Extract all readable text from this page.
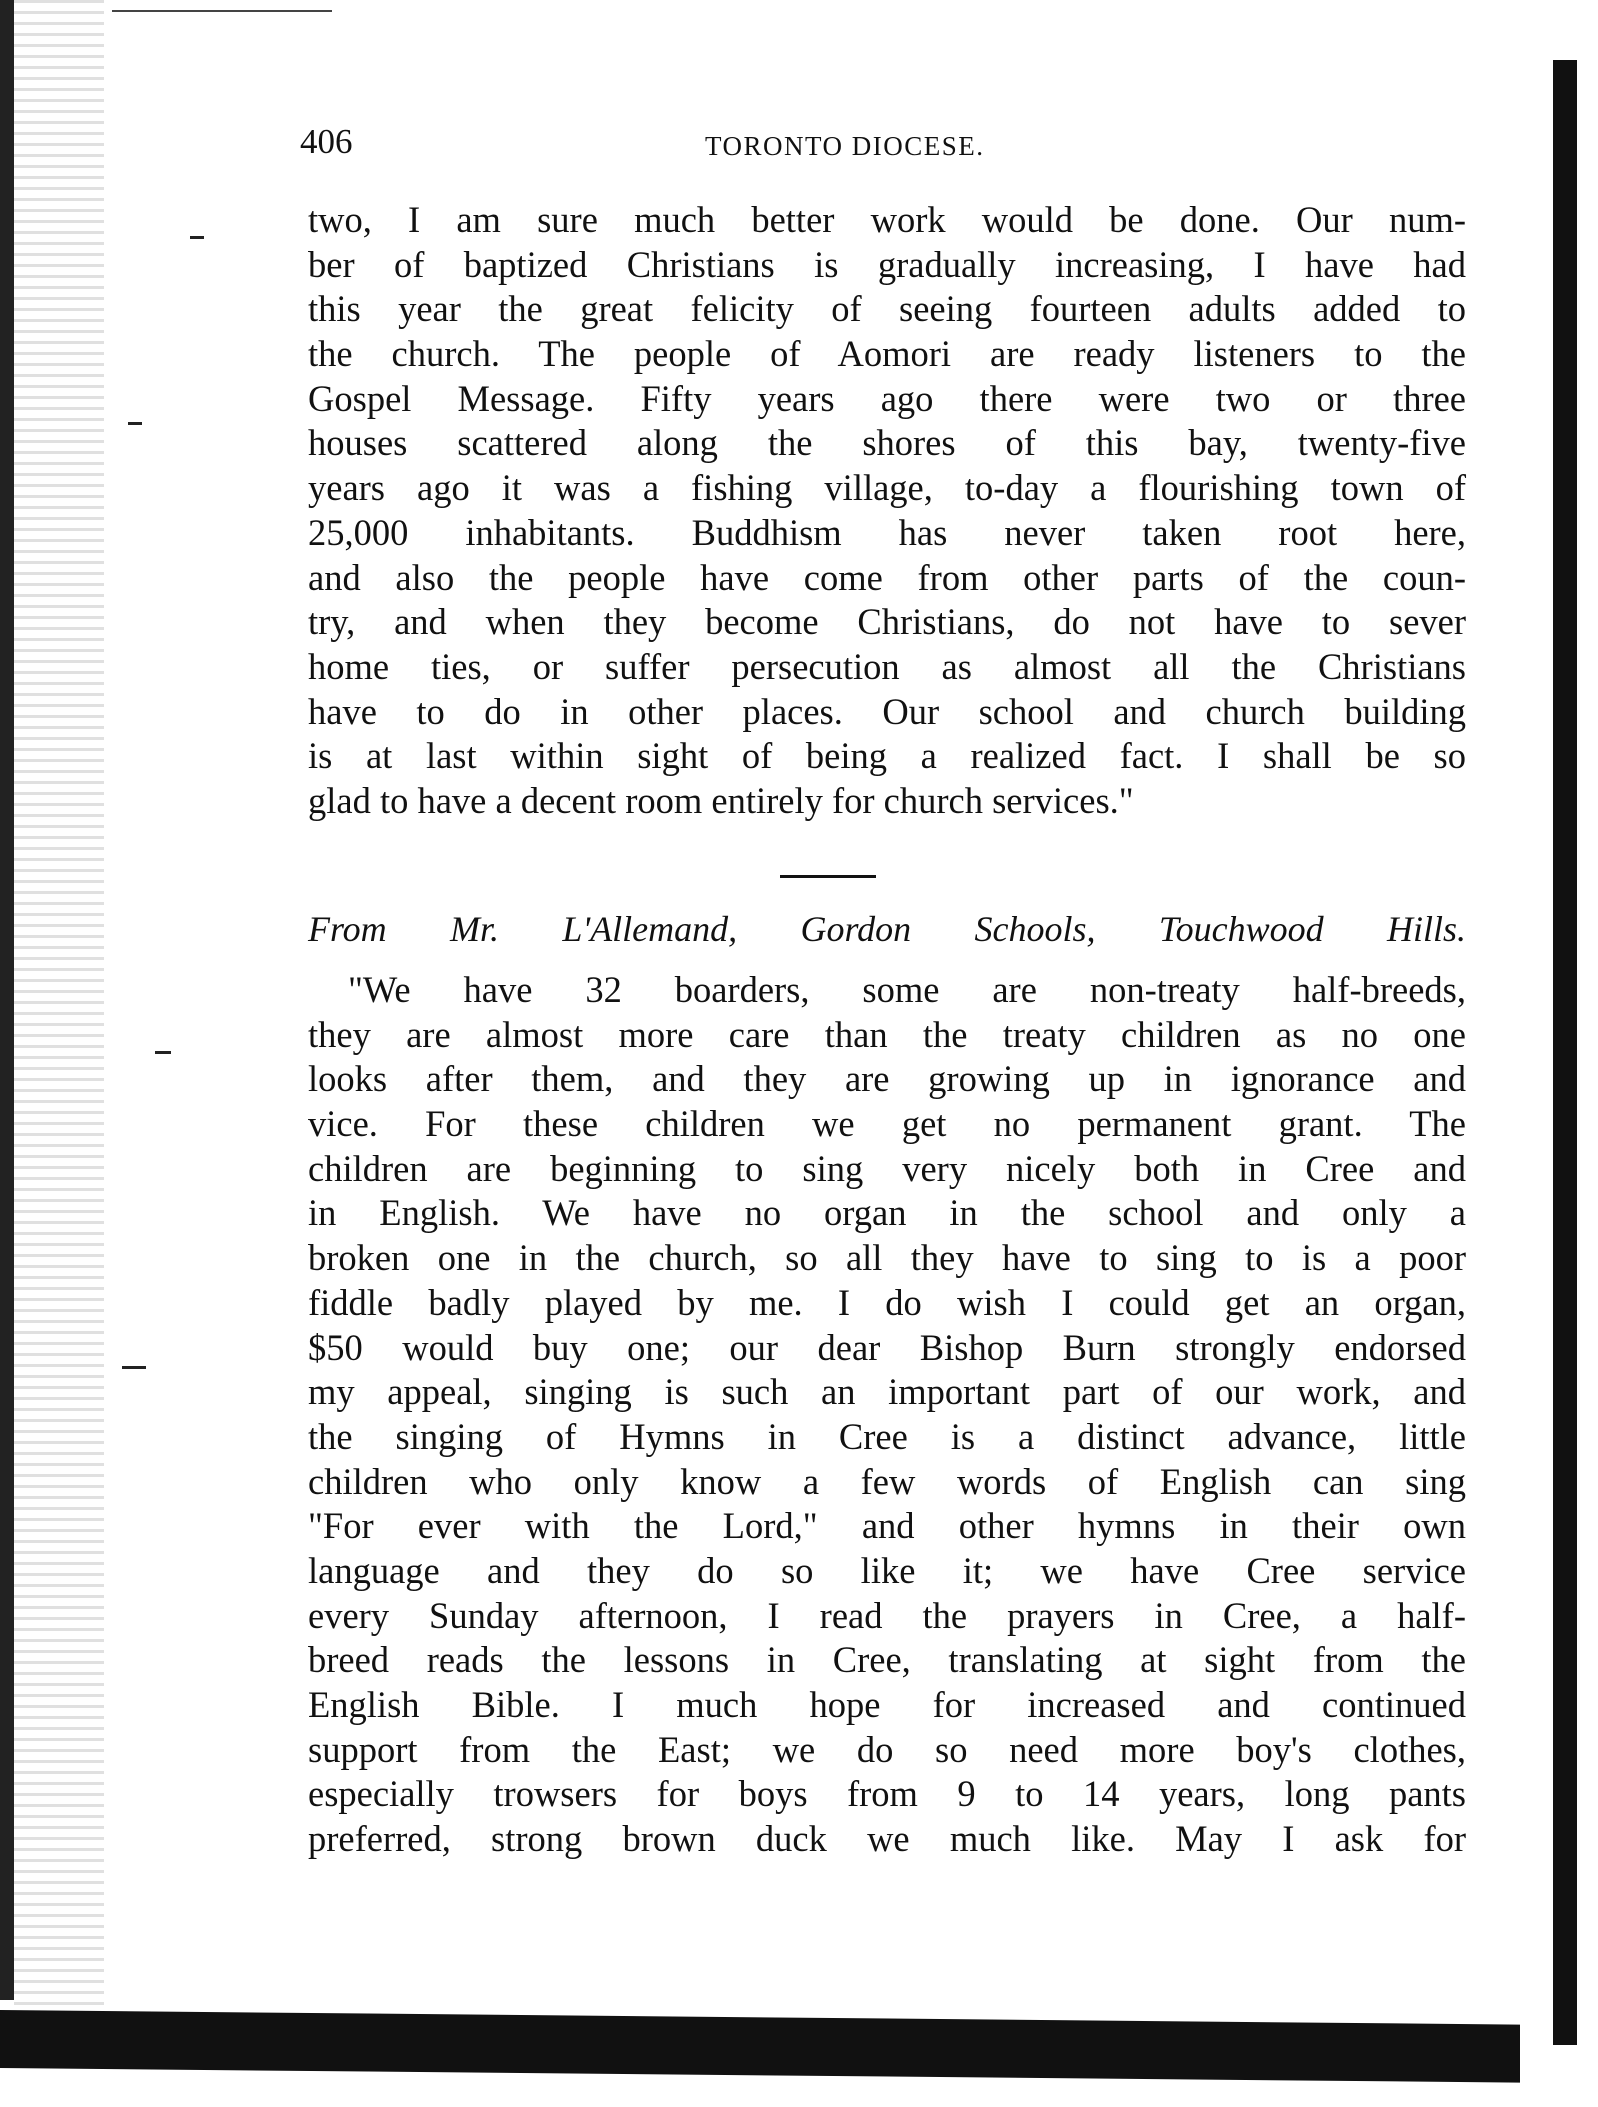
406	TORONTO DIOCESE.
two, I am sure much better work would be done. Our num-
ber of baptized Christians is gradually increasing, I have had
this year the great felicity of seeing fourteen adults added to
the church. The people of Aomori are ready listeners to the
Gospel Message. Fifty years ago there were two or three
houses scattered along the shores of this bay, twenty-five
years ago it was a fishing village, to-day a flourishing town of
25,000 inhabitants. Buddhism has never taken root here,
and also the people have come from other parts of the coun-
try, and when they become Christians, do not have to sever
home ties, or suffer persecution as almost all the Christians
have to do in other places. Our school and church building
is at last within sight of being a realized fact. I shall be so
glad to have a decent room entirely for church services."

From Mr. L'Allemand, Gordon Schools, Touchwood Hills.

"We have 32 boarders, some are non-treaty half-breeds,
they are almost more care than the treaty children as no one
looks after them, and they are growing up in ignorance and
vice. For these children we get no permanent grant. The
children are beginning to sing very nicely both in Cree and
in English. We have no organ in the school and only a
broken one in the church, so all they have to sing to is a poor
fiddle badly played by me. I do wish I could get an organ,
$50 would buy one; our dear Bishop Burn strongly endorsed
my appeal, singing is such an important part of our work, and
the singing of Hymns in Cree is a distinct advance, little
children who only know a few words of English can sing
"For ever with the Lord," and other hymns in their own
language and they do so like it; we have Cree service
every Sunday afternoon, I read the prayers in Cree, a half-
breed reads the lessons in Cree, translating at sight from the
English Bible. I much hope for increased and continued
support from the East; we do so need more boy's clothes,
especially trowsers for boys from 9 to 14 years, long pants
preferred, strong brown duck we much like. May I ask for
